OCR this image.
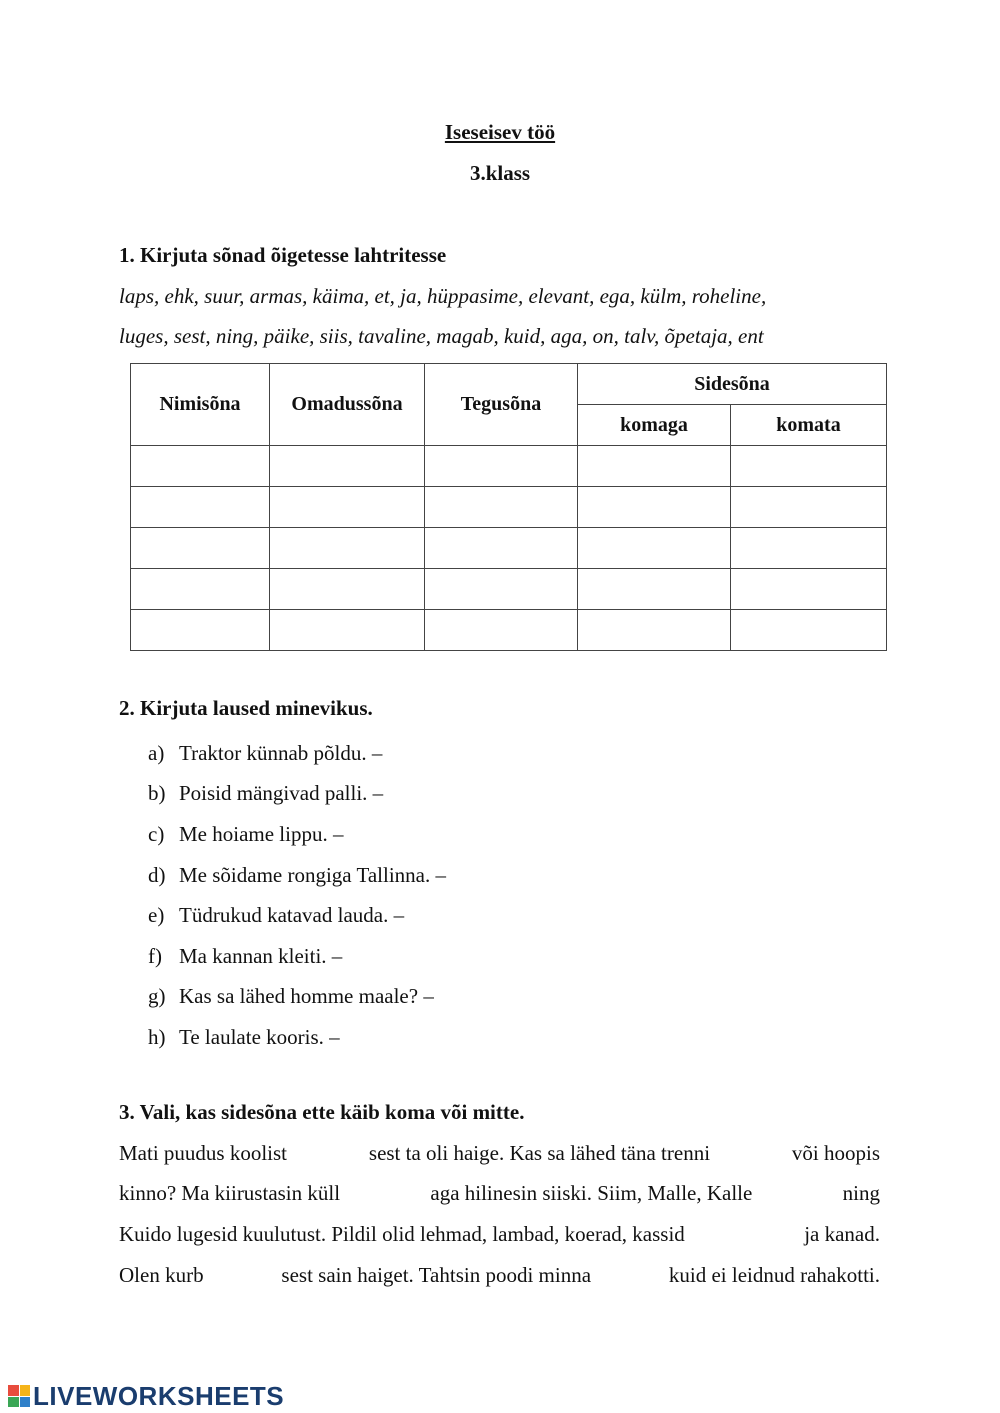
Iseseisev töö
3.klass
1. Kirjuta sõnad õigetesse lahtritesse
laps, ehk, suur, armas, käima, et, ja, hüppasime, elevant, ega, külm, roheline,
luges, sest, ning, päike, siis, tavaline, magab, kuid, aga, on, talv, õpetaja, ent
Nimisõna	Omadussõna	Tegusõna	Sidesõna	
			komaga	komata

2. Kirjuta laused minevikus.
a) Traktor künnab põldu. –
b) Poisid mängivad palli. –
c) Me hoiame lippu. –
d) Me sõidame rongiga Tallinna. –
e) Tüdrukud katavad lauda. –
f) Ma kannan kleiti. –
g) Kas sa lähed homme maale? –
h) Te laulate kooris. –
3. Vali, kas sidesõna ette käib koma või mitte.
Mati puudus koolist	sest ta oli haige. Kas sa lähed täna trenni	või hoopis
kinno? Ma kiirustasin küll	aga hilinesin siiski. Siim, Malle, Kalle	ning
Kuido lugesid kuulutust. Pildil olid lehmad, lambad, koerad, kassid	ja kanad.
Olen kurb	sest sain haiget. Tahtsin poodi minna	kuid ei leidnud rahakotti.
LIVEWORKSHEETS
